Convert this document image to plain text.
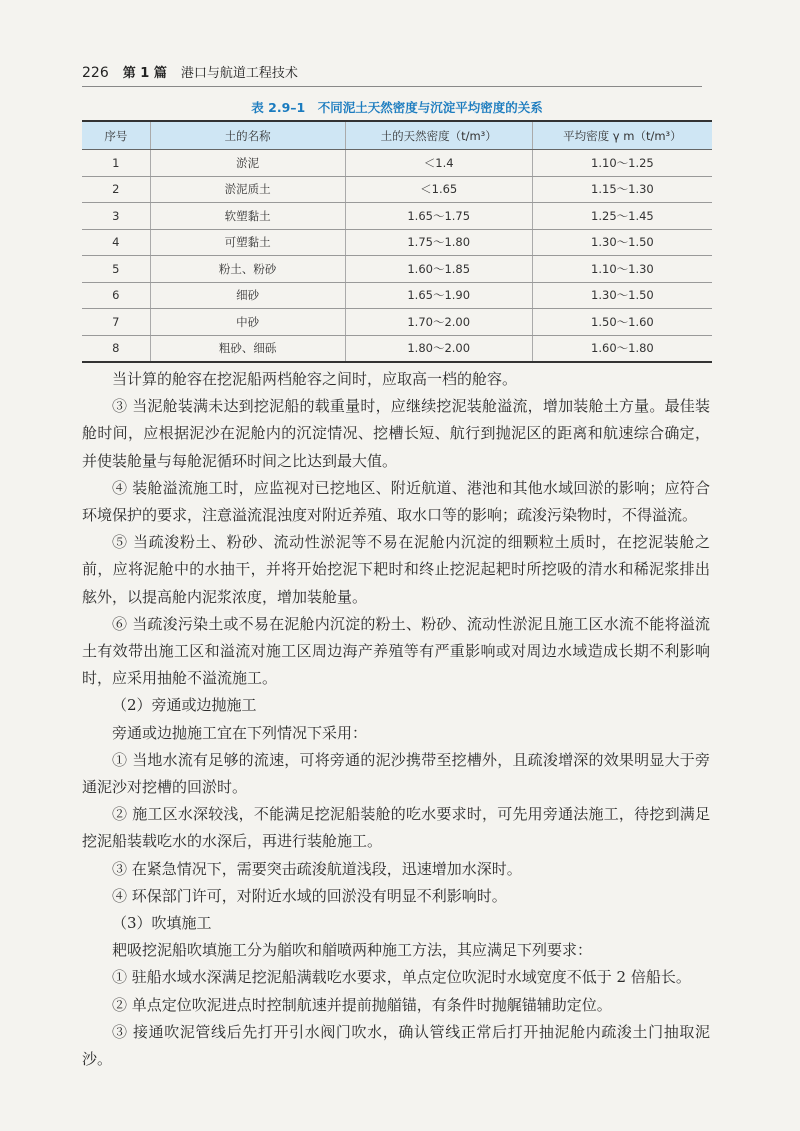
226 第 1 篇 港口与航道工程技术
表 2.9–1　不同泥土天然密度与沉淀平均密度的关系
序号	土的名称	土的天然密度（t/m³）	平均密度 γ m（t/m³）
1	淤泥	＜1.4	1.10～1.25
2	淤泥质土	＜1.65	1.15～1.30
3	软塑黏土	1.65～1.75	1.25～1.45
4	可塑黏土	1.75～1.80	1.30～1.50
5	粉土、粉砂	1.60～1.85	1.10～1.30
6	细砂	1.65～1.90	1.30～1.50
7	中砂	1.70～2.00	1.50～1.60
8	粗砂、细砾	1.80～2.00	1.60～1.80

当计算的舱容在挖泥船两档舱容之间时，应取高一档的舱容。

③ 当泥舱装满未达到挖泥船的载重量时，应继续挖泥装舱溢流，增加装舱土方量。最佳装舱时间，应根据泥沙在泥舱内的沉淀情况、挖槽长短、航行到抛泥区的距离和航速综合确定，并使装舱量与每舱泥循环时间之比达到最大值。

④ 装舱溢流施工时，应监视对已挖地区、附近航道、港池和其他水域回淤的影响；应符合环境保护的要求，注意溢流混浊度对附近养殖、取水口等的影响；疏浚污染物时，不得溢流。

⑤ 当疏浚粉土、粉砂、流动性淤泥等不易在泥舱内沉淀的细颗粒土质时，在挖泥装舱之前，应将泥舱中的水抽干，并将开始挖泥下耙时和终止挖泥起耙时所挖吸的清水和稀泥浆排出舷外，以提高舱内泥浆浓度，增加装舱量。

⑥ 当疏浚污染土或不易在泥舱内沉淀的粉土、粉砂、流动性淤泥且施工区水流不能将溢流土有效带出施工区和溢流对施工区周边海产养殖等有严重影响或对周边水域造成长期不利影响时，应采用抽舱不溢流施工。

（2）旁通或边抛施工

旁通或边抛施工宜在下列情况下采用：

① 当地水流有足够的流速，可将旁通的泥沙携带至挖槽外，且疏浚增深的效果明显大于旁通泥沙对挖槽的回淤时。

② 施工区水深较浅，不能满足挖泥船装舱的吃水要求时，可先用旁通法施工，待挖到满足挖泥船装载吃水的水深后，再进行装舱施工。

③ 在紧急情况下，需要突击疏浚航道浅段，迅速增加水深时。

④ 环保部门许可，对附近水域的回淤没有明显不利影响时。

（3）吹填施工

耙吸挖泥船吹填施工分为艏吹和艏喷两种施工方法，其应满足下列要求：

① 驻船水域水深满足挖泥船满载吃水要求，单点定位吹泥时水域宽度不低于 2 倍船长。

② 单点定位吹泥进点时控制航速并提前抛艏锚，有条件时抛艉锚辅助定位。

③ 接通吹泥管线后先打开引水阀门吹水，确认管线正常后打开抽泥舱内疏浚土门抽取泥沙。
